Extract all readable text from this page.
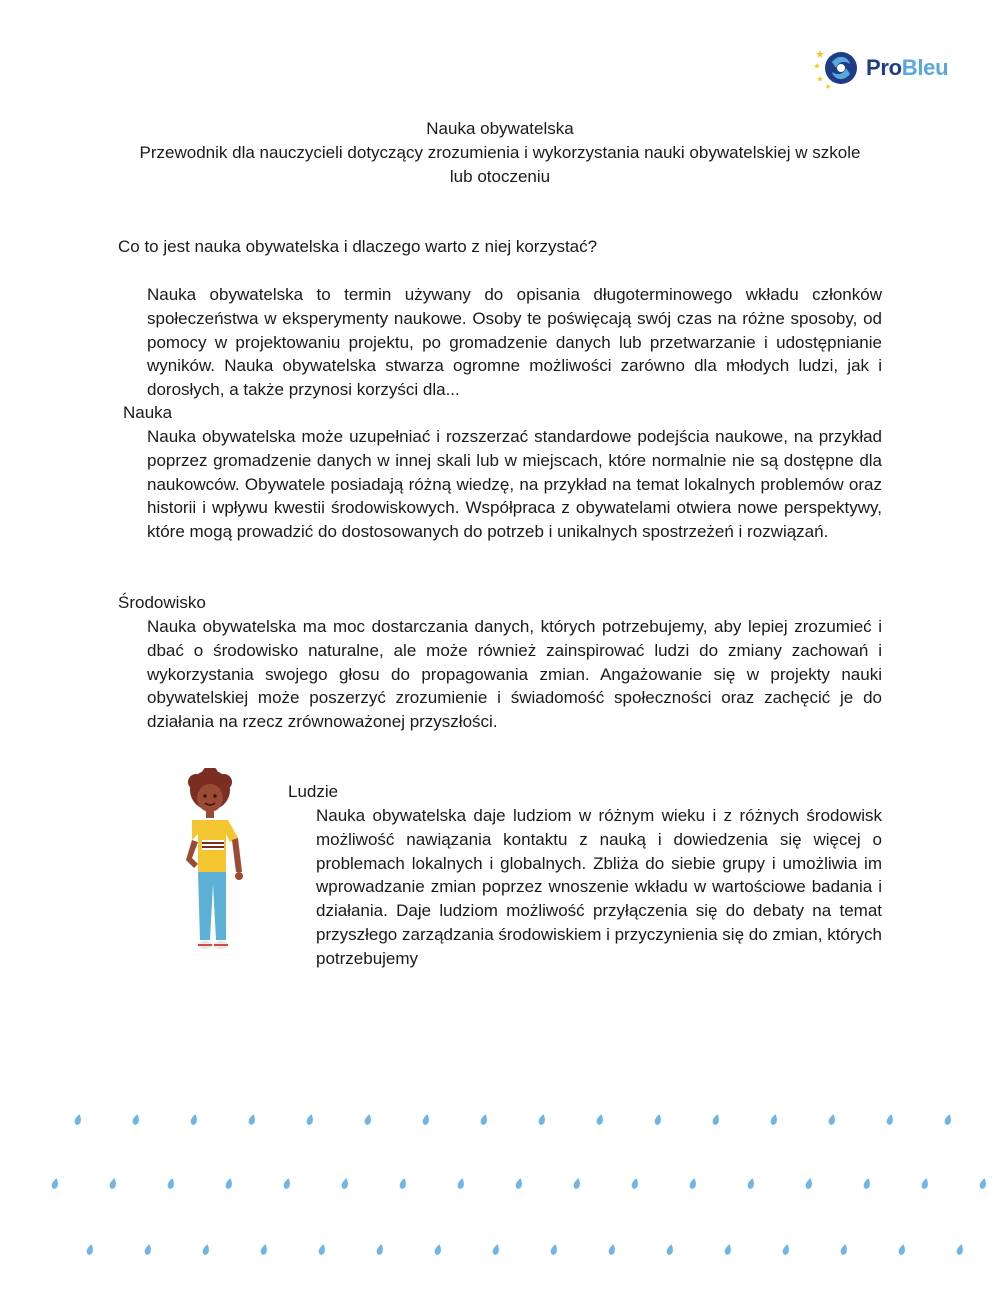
ProBleu
Nauka obywatelska
Przewodnik dla nauczycieli dotyczący zrozumienia i wykorzystania nauki obywatelskiej w szkole
lub otoczeniu
Co to jest nauka obywatelska i dlaczego warto z niej korzystać?
Nauka obywatelska to termin używany do opisania długoterminowego wkładu członków społeczeństwa w eksperymenty naukowe. Osoby te poświęcają swój czas na różne sposoby, od pomocy w projektowaniu projektu, po gromadzenie danych lub przetwarzanie i udostępnianie wyników. Nauka obywatelska stwarza ogromne możliwości zarówno dla młodych ludzi, jak i dorosłych, a także przynosi korzyści dla...
Nauka
Nauka obywatelska może uzupełniać i rozszerzać standardowe podejścia naukowe, na przykład poprzez gromadzenie danych w innej skali lub w miejscach, które normalnie nie są dostępne dla naukowców. Obywatele posiadają różną wiedzę, na przykład na temat lokalnych problemów oraz historii i wpływu kwestii środowiskowych. Współpraca z obywatelami otwiera nowe perspektywy, które mogą prowadzić do dostosowanych do potrzeb i unikalnych spostrzeżeń i rozwiązań.
Środowisko
Nauka obywatelska ma moc dostarczania danych, których potrzebujemy, aby lepiej zrozumieć i dbać o środowisko naturalne, ale może również zainspirować ludzi do zmiany zachowań i wykorzystania swojego głosu do propagowania zmian. Angażowanie się w projekty nauki obywatelskiej może poszerzyć zrozumienie i świadomość społeczności oraz zachęcić je do działania na rzecz zrównoważonej przyszłości.
Ludzie
Nauka obywatelska daje ludziom w różnym wieku i z różnych środowisk możliwość nawiązania kontaktu z nauką i dowiedzenia się więcej o problemach lokalnych i globalnych. Zbliża do siebie grupy i umożliwia im wprowadzanie zmian poprzez wnoszenie wkładu w wartościowe badania i działania. Daje ludziom możliwość przyłączenia się do debaty na temat przyszłego zarządzania środowiskiem i przyczynienia się do zmian, których potrzebujemy
